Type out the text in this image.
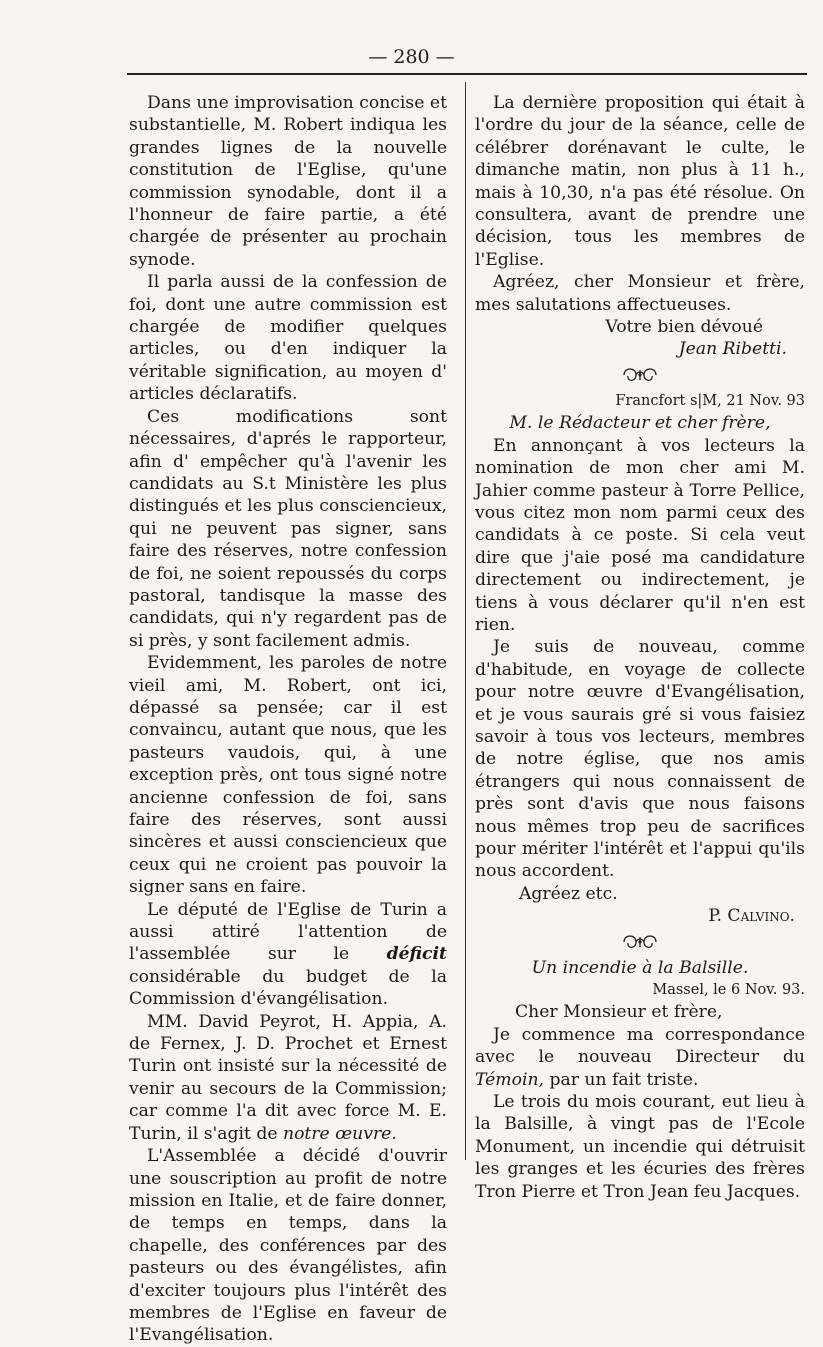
— 280 —

Dans une improvisation concise et substantielle, M. Robert indiqua les grandes lignes de la nouvelle constitution de l'Eglise, qu'une commission synodable, dont il a l'honneur de faire partie, a été chargée de présenter au prochain synode.

Il parla aussi de la confession de foi, dont une autre commission est chargée de modifier quelques articles, ou d'en indiquer la véritable signification, au moyen d' articles déclaratifs.

Ces modifications sont nécessaires, d'aprés le rapporteur, afin d' empêcher qu'à l'avenir les candidats au S.t Ministère les plus distingués et les plus consciencieux, qui ne peuvent pas signer, sans faire des réserves, notre confession de foi, ne soient repoussés du corps pastoral, tandisque la masse des candidats, qui n'y regardent pas de si près, y sont facilement admis.

Evidemment, les paroles de notre vieil ami, M. Robert, ont ici, dépassé sa pensée; car il est convaincu, autant que nous, que les pasteurs vaudois, qui, à une exception près, ont tous signé notre ancienne confession de foi, sans faire des réserves, sont aussi sincères et aussi consciencieux que ceux qui ne croient pas pouvoir la signer sans en faire.

Le député de l'Eglise de Turin a aussi attiré l'attention de l'assemblée sur le déficit considérable du budget de la Commission d'évangélisation.

MM. David Peyrot, H. Appia, A. de Fernex, J. D. Prochet et Ernest Turin ont insisté sur la nécessité de venir au secours de la Commission; car comme l'a dit avec force M. E. Turin, il s'agit de notre œuvre.

L'Assemblée a décidé d'ouvrir une souscription au profit de notre mission en Italie, et de faire donner, de temps en temps, dans la chapelle, des conférences par des pasteurs ou des évangélistes, afin d'exciter toujours plus l'intérêt des membres de l'Eglise en faveur de l'Evangélisation.

La dernière proposition qui était à l'ordre du jour de la séance, celle de célébrer dorénavant le culte, le dimanche matin, non plus à 11 h., mais à 10,30, n'a pas été résolue. On consultera, avant de prendre une décision, tous les membres de l'Eglise.

Agréez, cher Monsieur et frère, mes salutations affectueuses.

Votre bien dévoué

Jean Ribetti.

Francfort s|M, 21 Nov. 93

M. le Rédacteur et cher frère,

En annonçant à vos lecteurs la nomination de mon cher ami M. Jahier comme pasteur à Torre Pellice, vous citez mon nom parmi ceux des candidats à ce poste. Si cela veut dire que j'aie posé ma candidature directement ou indirectement, je tiens à vous déclarer qu'il n'en est rien.

Je suis de nouveau, comme d'habitude, en voyage de collecte pour notre œuvre d'Evangélisation, et je vous saurais gré si vous faisiez savoir à tous vos lecteurs, membres de notre église, que nos amis étrangers qui nous connaissent de près sont d'avis que nous faisons nous mêmes trop peu de sacrifices pour mériter l'intérêt et l'appui qu'ils nous accordent.

Agréez etc.

P. Calvino.

Un incendie à la Balsille.

Massel, le 6 Nov. 93.

Cher Monsieur et frère,

Je commence ma correspondance avec le nouveau Directeur du Témoin, par un fait triste.

Le trois du mois courant, eut lieu à la Balsille, à vingt pas de l'Ecole Monument, un incendie qui détruisit les granges et les écuries des frères Tron Pierre et Tron Jean feu Jacques.
